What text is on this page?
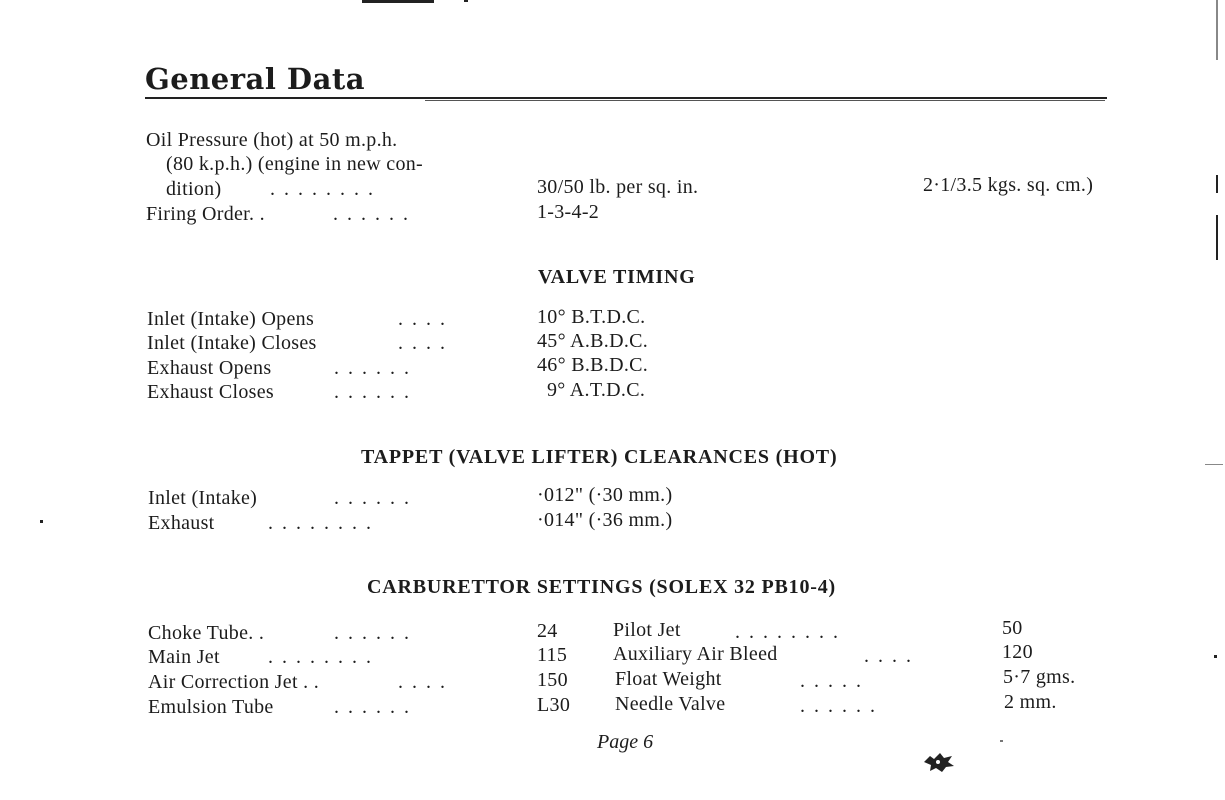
General Data
Oil Pressure (hot) at 50 m.p.h.
(80 k.p.h.) (engine in new con-
dition) . . . . . . . .	30/50 lb. per sq. in.	2·1/3.5 kgs. sq. cm.)
Firing Order. .	. . . . . .	1-3-4-2
VALVE TIMING
Inlet (Intake) Opens	. . . .	10° B.T.D.C.
Inlet (Intake) Closes	. . . .	45° A.B.D.C.
Exhaust Opens	. . . . . .	46° B.B.D.C.
Exhaust Closes	. . . . . .	9° A.T.D.C.
TAPPET (VALVE LIFTER) CLEARANCES (HOT)
Inlet (Intake)	. . . . . .	·012" (·30 mm.)
Exhaust	. . . . . . . .	·014" (·36 mm.)
CARBURETTOR SETTINGS (SOLEX 32 PB10-4)
Choke Tube. .	. . . . . .	24
Main Jet . . . . . . . .	115
Air Correction Jet . .	. . . .	150
Emulsion Tube	. . . . . .	L30
Pilot Jet	. . . . . . . .	50
Auxiliary Air Bleed	. . . .	120
Float Weight	. . . . .	5·7 gms.
Needle Valve	. . . . . .	2 mm.
Page 6
